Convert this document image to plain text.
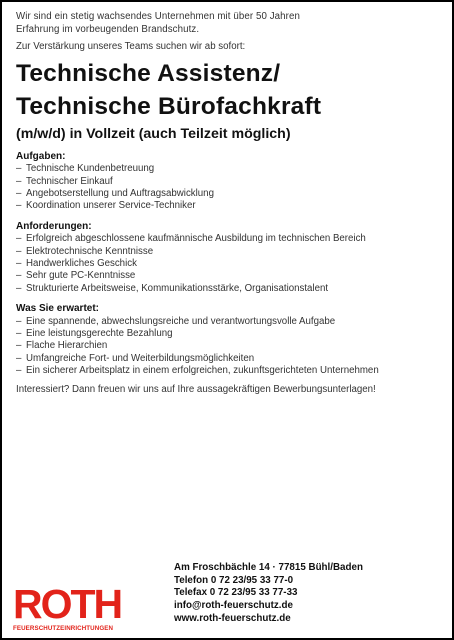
Wir sind ein stetig wachsendes Unternehmen mit über 50 Jahren

Erfahrung im vorbeugenden Brandschutz.

Zur Verstärkung unseres Teams suchen wir ab sofort:

Technische Assistenz/
Technische Bürofachkraft
(m/w/d) in Vollzeit (auch Teilzeit möglich)
Aufgaben:
– Technische Kundenbetreuung
– Technischer Einkauf
– Angebotserstellung und Auftragsabwicklung
– Koordination unserer Service-Techniker
Anforderungen:
– Erfolgreich abgeschlossene kaufmännische Ausbildung im technischen Bereich
– Elektrotechnische Kenntnisse
– Handwerkliches Geschick
– Sehr gute PC-Kenntnisse
– Strukturierte Arbeitsweise, Kommunikationsstärke, Organisationstalent
Was Sie erwartet:
– Eine spannende, abwechslungsreiche und verantwortungsvolle Aufgabe
– Eine leistungsgerechte Bezahlung
– Flache Hierarchien
– Umfangreiche Fort- und Weiterbildungsmöglichkeiten
– Ein sicherer Arbeitsplatz in einem erfolgreichen, zukunftsgerichteten Unternehmen

Interessiert? Dann freuen wir uns auf Ihre aussagekräftigen Bewerbungsunterlagen!

ROTH
FEUERSCHUTZEINRICHTUNGEN
Am Froschbächle 14 · 77815 Bühl/Baden
Telefon 0 72 23/95 33 77-0
Telefax 0 72 23/95 33 77-33
info@roth-feuerschutz.de
www.roth-feuerschutz.de
